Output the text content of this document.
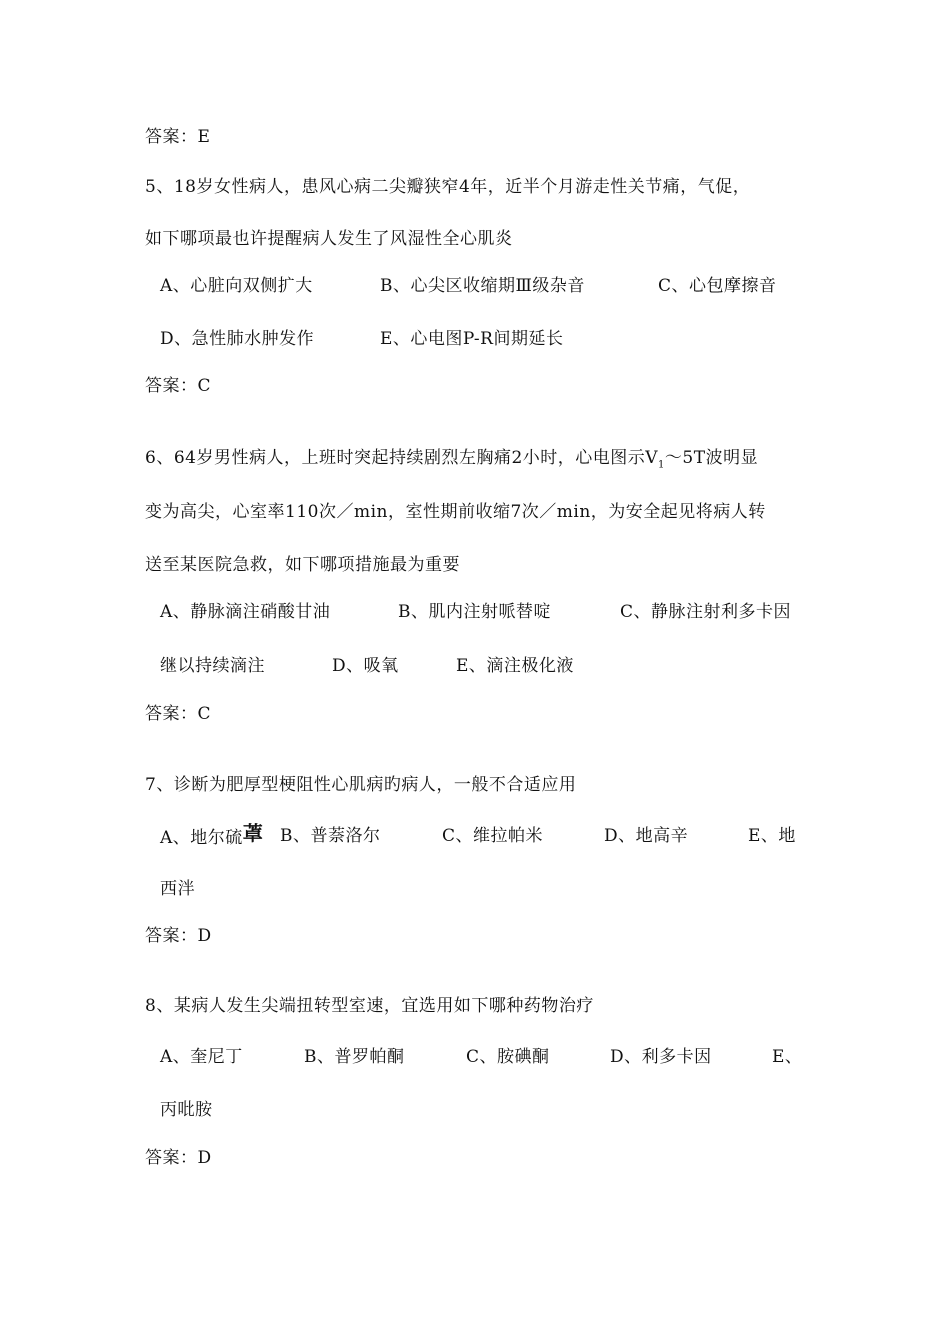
答案：E
5、18岁女性病人，患风心病二尖瓣狭窄4年，近半个月游走性关节痛，气促，
如下哪项最也许提醒病人发生了风湿性全心肌炎
A、心脏向双侧扩大	B、心尖区收缩期Ⅲ级杂音	C、心包摩擦音
D、急性肺水肿发作	E、心电图P-R间期延长
答案：C
6、64岁男性病人，上班时突起持续剧烈左胸痛2小时，心电图示$V_1\sim 5T$波明显
变为高尖，心室率110次／min，室性期前收缩7次／min，为安全起见将病人转
送至某医院急救，如下哪项措施最为重要
A、静脉滴注硝酸甘油	B、肌内注射哌替啶	C、静脉注射利多卡因
继以持续滴注	D、吸氧	E、滴注极化液
答案：C
7、诊断为肥厚型梗阻性心肌病旳病人，一般不合适应用
A、地尔硫䓬 B、普萘洛尔	C、维拉帕米	D、地高辛	E、地
西泮
答案：D
8、某病人发生尖端扭转型室速，宜选用如下哪种药物治疗
A、奎尼丁	B、普罗帕酮	C、胺碘酮	D、利多卡因	E、
丙吡胺
答案：D
